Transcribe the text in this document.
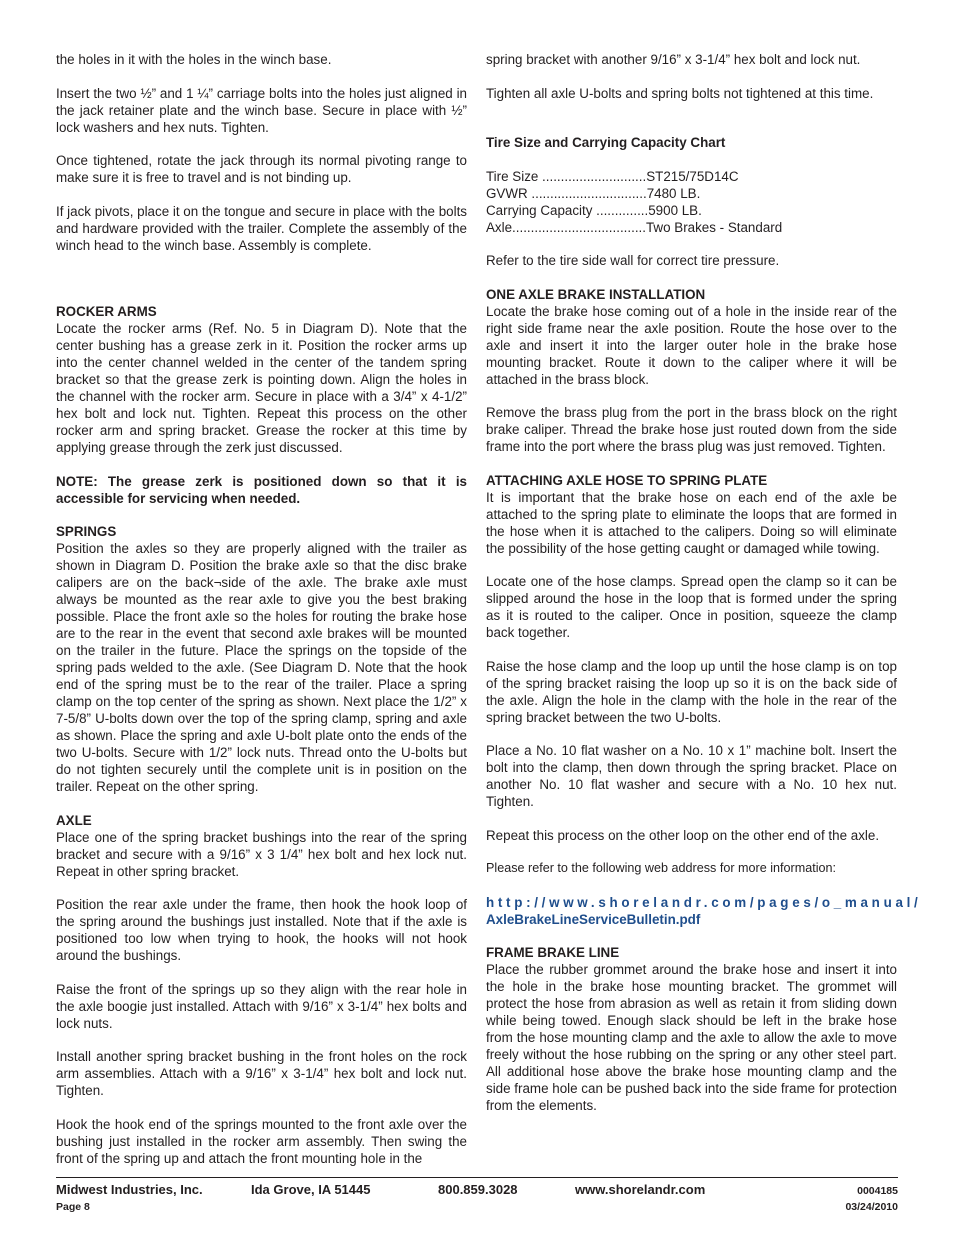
the holes in it with the holes in the winch base.

Insert the two ½” and 1 ¼” carriage bolts into the holes just aligned in the jack retainer plate and the winch base. Secure in place with ½” lock washers and hex nuts. Tighten.

Once tightened, rotate the jack through its normal pivoting range to make sure it is free to travel and is not binding up.

If jack pivots, place it on the tongue and secure in place with the bolts and hardware provided with the trailer. Complete the assembly of the winch head to the winch base. Assembly is complete.

ROCKER ARMS

Locate the rocker arms (Ref. No. 5 in Diagram D). Note that the center bushing has a grease zerk in it. Position the rocker arms up into the center channel welded in the center of the tandem spring bracket so that the grease zerk is pointing down. Align the holes in the channel with the rocker arm. Secure in place with a 3/4” x 4-1/2” hex bolt and lock nut. Tighten. Repeat this process on the other rocker arm and spring bracket. Grease the rocker at this time by applying grease through the zerk just discussed.

NOTE: The grease zerk is positioned down so that it is accessible for servicing when needed.

SPRINGS

Position the axles so they are properly aligned with the trailer as shown in Diagram D. Position the brake axle so that the disc brake calipers are on the back¬side of the axle. The brake axle must always be mounted as the rear axle to give you the best braking possible. Place the front axle so the holes for routing the brake hose are to the rear in the event that second axle brakes will be mounted on the trailer in the future. Place the springs on the topside of the spring pads welded to the axle. (See Diagram D. Note that the hook end of the spring must be to the rear of the trailer. Place a spring clamp on the top center of the spring as shown. Next place the 1/2” x 7-5/8” U-bolts down over the top of the spring clamp, spring and axle as shown. Place the spring and axle U-bolt plate onto the ends of the two U-bolts. Secure with 1/2” lock nuts. Thread onto the U-bolts but do not tighten securely until the complete unit is in position on the trailer. Repeat on the other spring.

AXLE

Place one of the spring bracket bushings into the rear of the spring bracket and secure with a 9/16” x 3 1/4” hex bolt and hex lock nut. Repeat in other spring bracket.

Position the rear axle under the frame, then hook the hook loop of the spring around the bushings just installed. Note that if the axle is positioned too low when trying to hook, the hooks will not hook around the bushings.

Raise the front of the springs up so they align with the rear hole in the axle boogie just installed. Attach with 9/16” x 3-1/4” hex bolts and lock nuts.

Install another spring bracket bushing in the front holes on the rock arm assemblies. Attach with a 9/16” x 3-1/4” hex bolt and lock nut. Tighten.

Hook the hook end of the springs mounted to the front axle over the bushing just installed in the rocker arm assembly. Then swing the front of the spring up and attach the front mounting hole in the

spring bracket with another 9/16” x 3-1/4” hex bolt and lock nut.

Tighten all axle U-bolts and spring bolts not tightened at this time.

Tire Size and Carrying Capacity Chart

Tire Size ............................ST215/75D14C
GVWR ...............................7480 LB.
Carrying Capacity ..............5900 LB.
Axle....................................Two Brakes - Standard

Refer to the tire side wall for correct tire pressure.

ONE AXLE BRAKE INSTALLATION

Locate the brake hose coming out of a hole in the inside rear of the right side frame near the axle position. Route the hose over to the axle and insert it into the larger outer hole in the brake hose mounting bracket. Route it down to the caliper where it will be attached in the brass block.

Remove the brass plug from the port in the brass block on the right brake caliper. Thread the brake hose just routed down from the side frame into the port where the brass plug was just removed. Tighten.

ATTACHING AXLE HOSE TO SPRING PLATE

It is important that the brake hose on each end of the axle be attached to the spring plate to eliminate the loops that are formed in the hose when it is attached to the calipers. Doing so will eliminate the possibility of the hose getting caught or damaged while towing.

Locate one of the hose clamps. Spread open the clamp so it can be slipped around the hose in the loop that is formed under the spring as it is routed to the caliper. Once in position, squeeze the clamp back together.

Raise the hose clamp and the loop up until the hose clamp is on top of the spring bracket raising the loop up so it is on the back side of the axle. Align the hole in the clamp with the hole in the rear of the spring bracket between the two U-bolts.

Place a No. 10 flat washer on a No. 10 x 1” machine bolt. Insert the bolt into the clamp, then down through the spring bracket. Place on another No. 10 flat washer and secure with a No. 10 hex nut. Tighten.

Repeat this process on the other loop on the other end of the axle.

Please refer to the following web address for more information:

http://www.shorelandr.com/pages/o_manual/
AxleBrakeLineServiceBulletin.pdf

FRAME BRAKE LINE

Place the rubber grommet around the brake hose and insert it into the hole in the brake hose mounting bracket. The grommet will protect the hose from abrasion as well as retain it from sliding down while being towed. Enough slack should be left in the brake hose from the hose mounting clamp and the axle to allow the axle to move freely without the hose rubbing on the spring or any other steel part. All additional hose above the brake hose mounting clamp and the side frame hole can be pushed back into the side frame for protection from the elements.

Midwest Industries, Inc.	Ida Grove, IA 51445	800.859.3028	www.shorelandr.com	0004185
Page 8	03/24/2010
